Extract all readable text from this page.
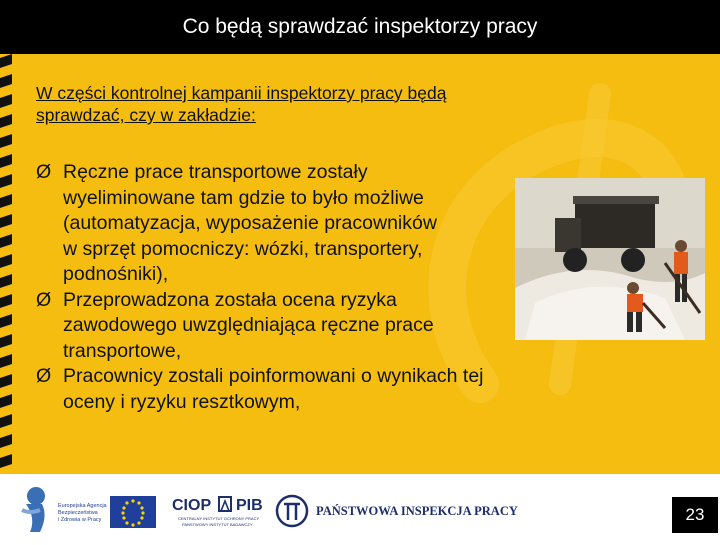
Co będą sprawdzać inspektorzy pracy
W części kontrolnej kampanii inspektorzy pracy będą
sprawdzać, czy w zakładzie:
Ø Ręczne prace transportowe zostały
wyeliminowane tam gdzie to było możliwe
(automatyzacja, wyposażenie pracowników
w sprzęt pomocniczy: wózki, transportery,
podnośniki),
Ø Przeprowadzona została ocena ryzyka
zawodowego uwzględniająca ręczne prace
transportowe,
Ø Pracownicy zostali poinformowani o wynikach tej
oceny i ryzyku resztkowym,
Europejska Agencja
Bezpieczeństwa
i Zdrowia w Pracy
CIOP PIB
CENTRALNY INSTYTUT OCHRONY PRACY
PAŃSTWOWY INSTYTUT BADAWCZY
PAŃSTWOWA INSPEKCJA PRACY	23
